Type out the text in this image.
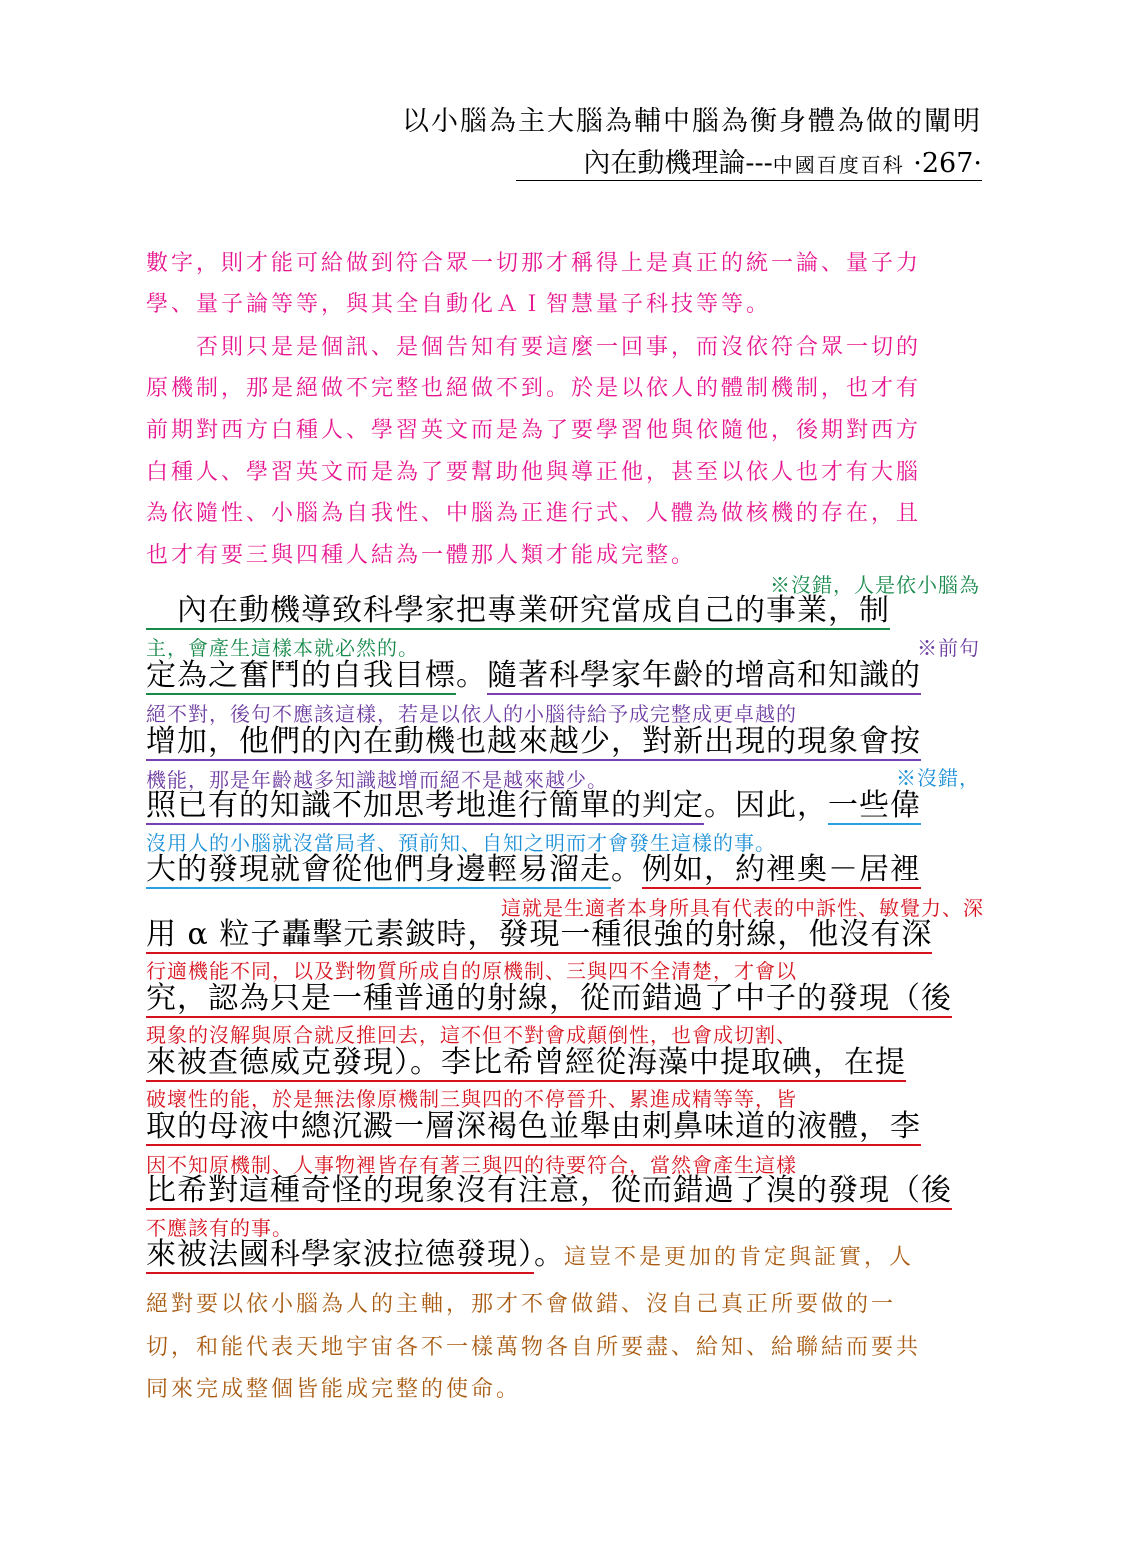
以小腦為主大腦為輔中腦為衡身體為做的闡明
內在動機理論---中國百度百科 ·267·
數字，則才能可給做到符合眾一切那才稱得上是真正的統一論、量子力
學、量子論等等，與其全自動化ＡＩ智慧量子科技等等。
　　否則只是是個訊、是個告知有要這麼一回事，而沒依符合眾一切的
原機制，那是絕做不完整也絕做不到。於是以依人的體制機制，也才有
前期對西方白種人、學習英文而是為了要學習他與依隨他，後期對西方
白種人、學習英文而是為了要幫助他與導正他，甚至以依人也才有大腦
為依隨性、小腦為自我性、中腦為正進行式、人體為做核機的存在，且
也才有要三與四種人結為一體那人類才能成完整。
※沒錯，人是依小腦為
　內在動機導致科學家把專業研究當成自己的事業，制
主，會產生這樣本就必然的。	※前句
定為之奮鬥的自我目標。隨著科學家年齡的增高和知識的
絕不對，後句不應該這樣，若是以依人的小腦待給予成完整成更卓越的
增加，他們的內在動機也越來越少，對新出現的現象會按
機能，那是年齡越多知識越增而絕不是越來越少。	※沒錯，
照已有的知識不加思考地進行簡單的判定。因此，一些偉
沒用人的小腦就沒當局者、預前知、自知之明而才會發生這樣的事。
大的發現就會從他們身邊輕易溜走。例如，約裡奧－居裡
這就是生適者本身所具有代表的中訴性、敏覺力、深
用 α 粒子轟擊元素鈹時，發現一種很強的射線，他沒有深
行適機能不同，以及對物質所成自的原機制、三與四不全清楚，才會以
究，認為只是一種普通的射線，從而錯過了中子的發現（後
現象的沒解與原合就反推回去，這不但不對會成顛倒性，也會成切割、
來被查德威克發現）。李比希曾經從海藻中提取碘，在提
破壞性的能，於是無法像原機制三與四的不停晉升、累進成精等等，皆
取的母液中總沉澱一層深褐色並舉由刺鼻味道的液體，李
因不知原機制、人事物裡皆存有著三與四的待要符合，當然會產生這樣
比希對這種奇怪的現象沒有注意，從而錯過了溴的發現（後
不應該有的事。
來被法國科學家波拉德發現）。這豈不是更加的肯定與証實，人
絕對要以依小腦為人的主軸，那才不會做錯、沒自己真正所要做的一
切，和能代表天地宇宙各不一樣萬物各自所要盡、給知、給聯結而要共
同來完成整個皆能成完整的使命。
